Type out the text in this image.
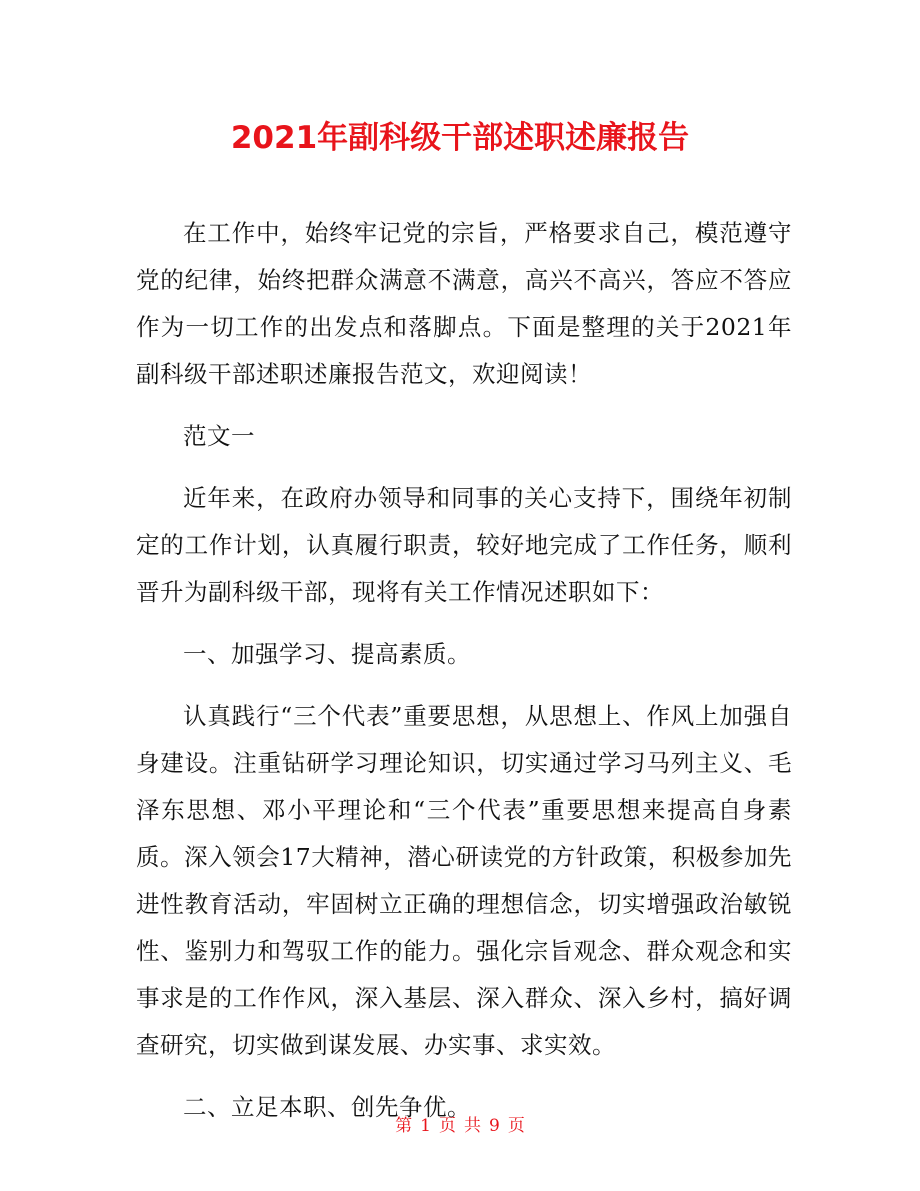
2021年副科级干部述职述廉报告

在工作中，始终牢记党的宗旨，严格要求自己，模范遵守党的纪律，始终把群众满意不满意，高兴不高兴，答应不答应作为一切工作的出发点和落脚点。下面是整理的关于2021年副科级干部述职述廉报告范文，欢迎阅读！

范文一

近年来，在政府办领导和同事的关心支持下，围绕年初制定的工作计划，认真履行职责，较好地完成了工作任务，顺利晋升为副科级干部，现将有关工作情况述职如下：

一、加强学习、提高素质。

认真践行“三个代表”重要思想，从思想上、作风上加强自身建设。注重钻研学习理论知识，切实通过学习马列主义、毛泽东思想、邓小平理论和“三个代表”重要思想来提高自身素质。深入领会17大精神，潜心研读党的方针政策，积极参加先进性教育活动，牢固树立正确的理想信念，切实增强政治敏锐性、鉴别力和驾驭工作的能力。强化宗旨观念、群众观念和实事求是的工作作风，深入基层、深入群众、深入乡村，搞好调查研究，切实做到谋发展、办实事、求实效。

二、立足本职、创先争优。

第 1 页 共 9 页
